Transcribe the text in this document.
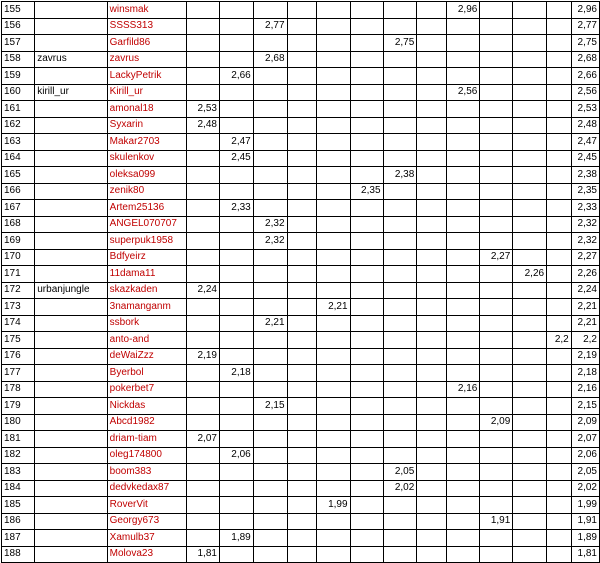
155		winsmak									2,96				2,96
156		SSSS313			2,77										2,77
157		Garfild86							2,75						2,75
158	zavrus	zavrus			2,68										2,68
159		LackyPetrik		2,66											2,66
160	kirill_ur	Kirill_ur									2,56				2,56
161		amonal18	2,53												2,53
162		Syxarin	2,48												2,48
163		Makar2703		2,47											2,47
164		skulenkov		2,45											2,45
165		oleksa099							2,38						2,38
166		zenik80						2,35							2,35
167		Artem25136		2,33											2,33
168		ANGEL070707			2,32										2,32
169		superpuk1958			2,32										2,32
170		Bdfyeirz										2,27			2,27
171		11dama11											2,26		2,26
172	urbanjungle	skazkaden	2,24												2,24
173		3namanganm					2,21								2,21
174		ssbork			2,21										2,21
175		anto-and												2,2	2,2
176		deWaiZzz	2,19												2,19
177		Byerbol		2,18											2,18
178		pokerbet7									2,16				2,16
179		Nickdas			2,15										2,15
180		Abcd1982										2,09			2,09
181		driam-tiam	2,07												2,07
182		oleg174800		2,06											2,06
183		boom383							2,05						2,05
184		dedvkedax87							2,02						2,02
185		RoverVit					1,99								1,99
186		Georgy673										1,91			1,91
187		Xamulb37		1,89											1,89
188		Molova23	1,81												1,81
